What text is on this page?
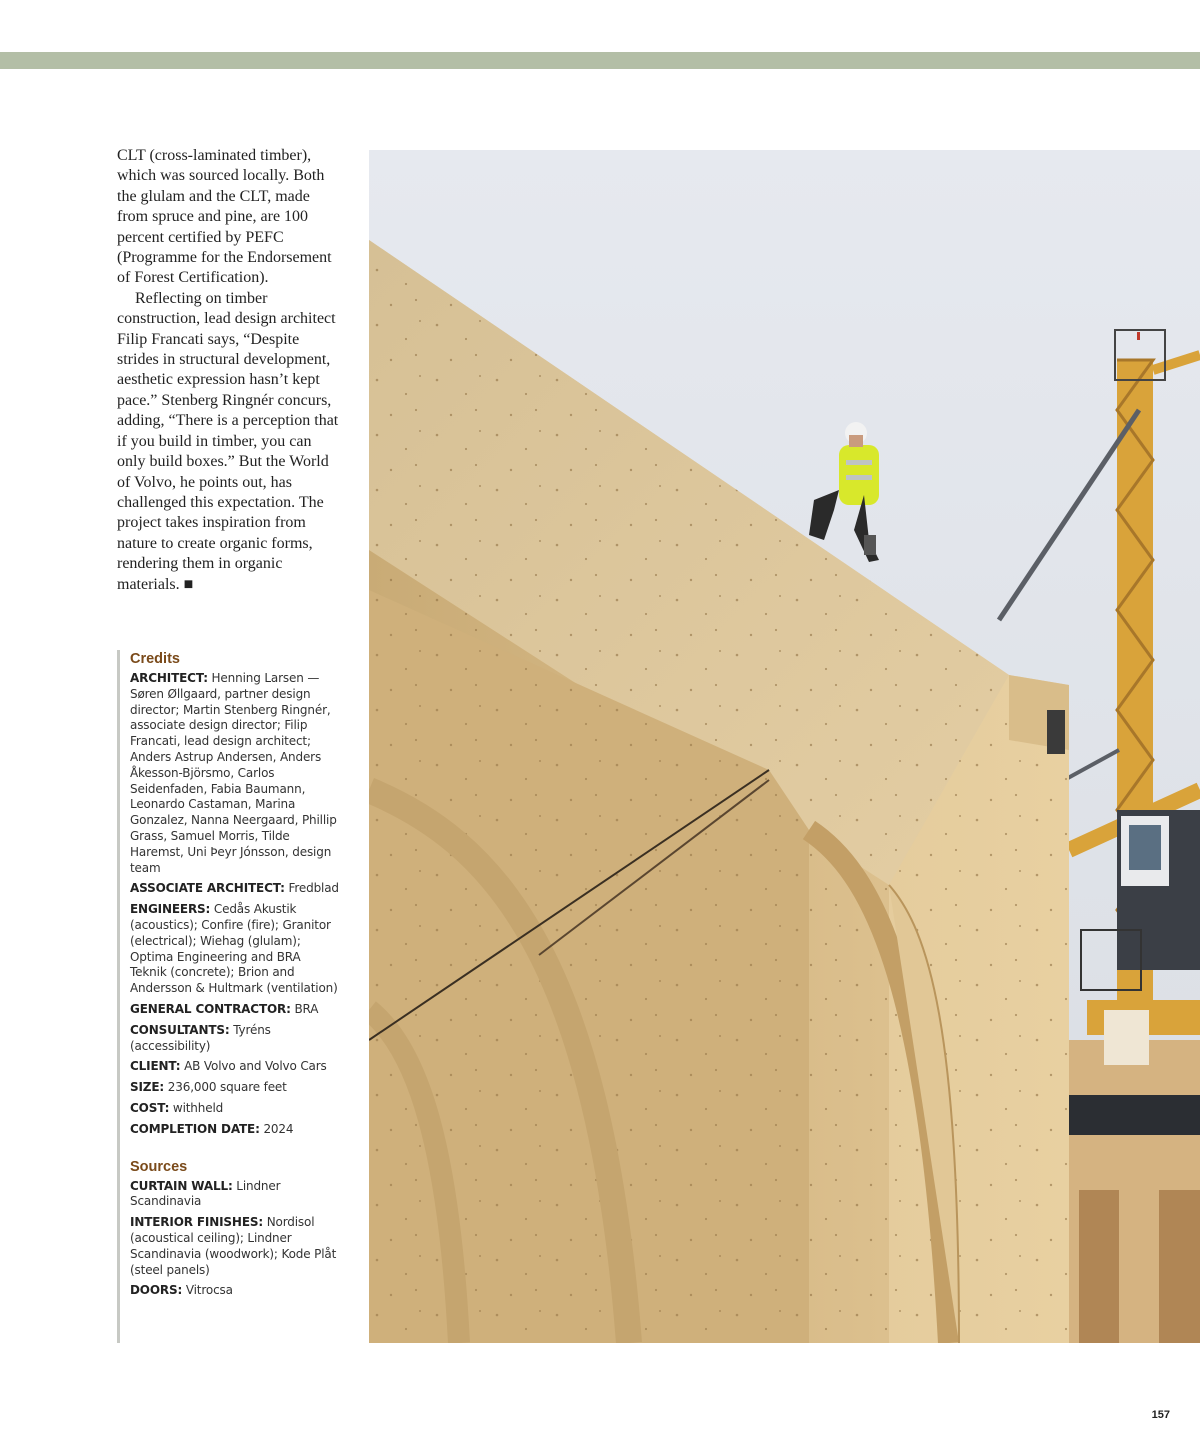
CLT (cross-laminated timber), which was sourced locally. Both the glulam and the CLT, made from spruce and pine, are 100 percent certified by PEFC (Programme for the Endorsement of Forest Certification).

Reflecting on timber construction, lead design architect Filip Francati says, “Despite strides in structural development, aesthetic expression hasn’t kept pace.” Stenberg Ringnér concurs, adding, “There is a perception that if you build in timber, you can only build boxes.” But the World of Volvo, he points out, has challenged this expectation. The project takes inspiration from nature to create organic forms, rendering them in organic materials. ■

Credits
ARCHITECT: Henning Larsen — Søren Øllgaard, partner design director; Martin Stenberg Ringnér, associate design director; Filip Francati, lead design architect; Anders Astrup Andersen, Anders Åkesson-Björsmo, Carlos Seidenfaden, Fabia Baumann, Leonardo Castaman, Marina Gonzalez, Nanna Neergaard, Phillip Grass, Samuel Morris, Tilde Haremst, Uni Þeyr Jónsson, design team
ASSOCIATE ARCHITECT: Fredblad
ENGINEERS: Cedås Akustik (acoustics); Confire (fire); Granitor (electrical); Wiehag (glulam); Optima Engineering and BRA Teknik (concrete); Brion and Andersson & Hultmark (ventilation)
GENERAL CONTRACTOR: BRA
CONSULTANTS: Tyréns (accessibility)
CLIENT: AB Volvo and Volvo Cars
SIZE: 236,000 square feet
COST: withheld
COMPLETION DATE: 2024
Sources
CURTAIN WALL: Lindner Scandinavia
INTERIOR FINISHES: Nordisol (acoustical ceiling); Lindner Scandinavia (woodwork); Kode Plåt (steel panels)
DOORS: Vitrocsa
157
